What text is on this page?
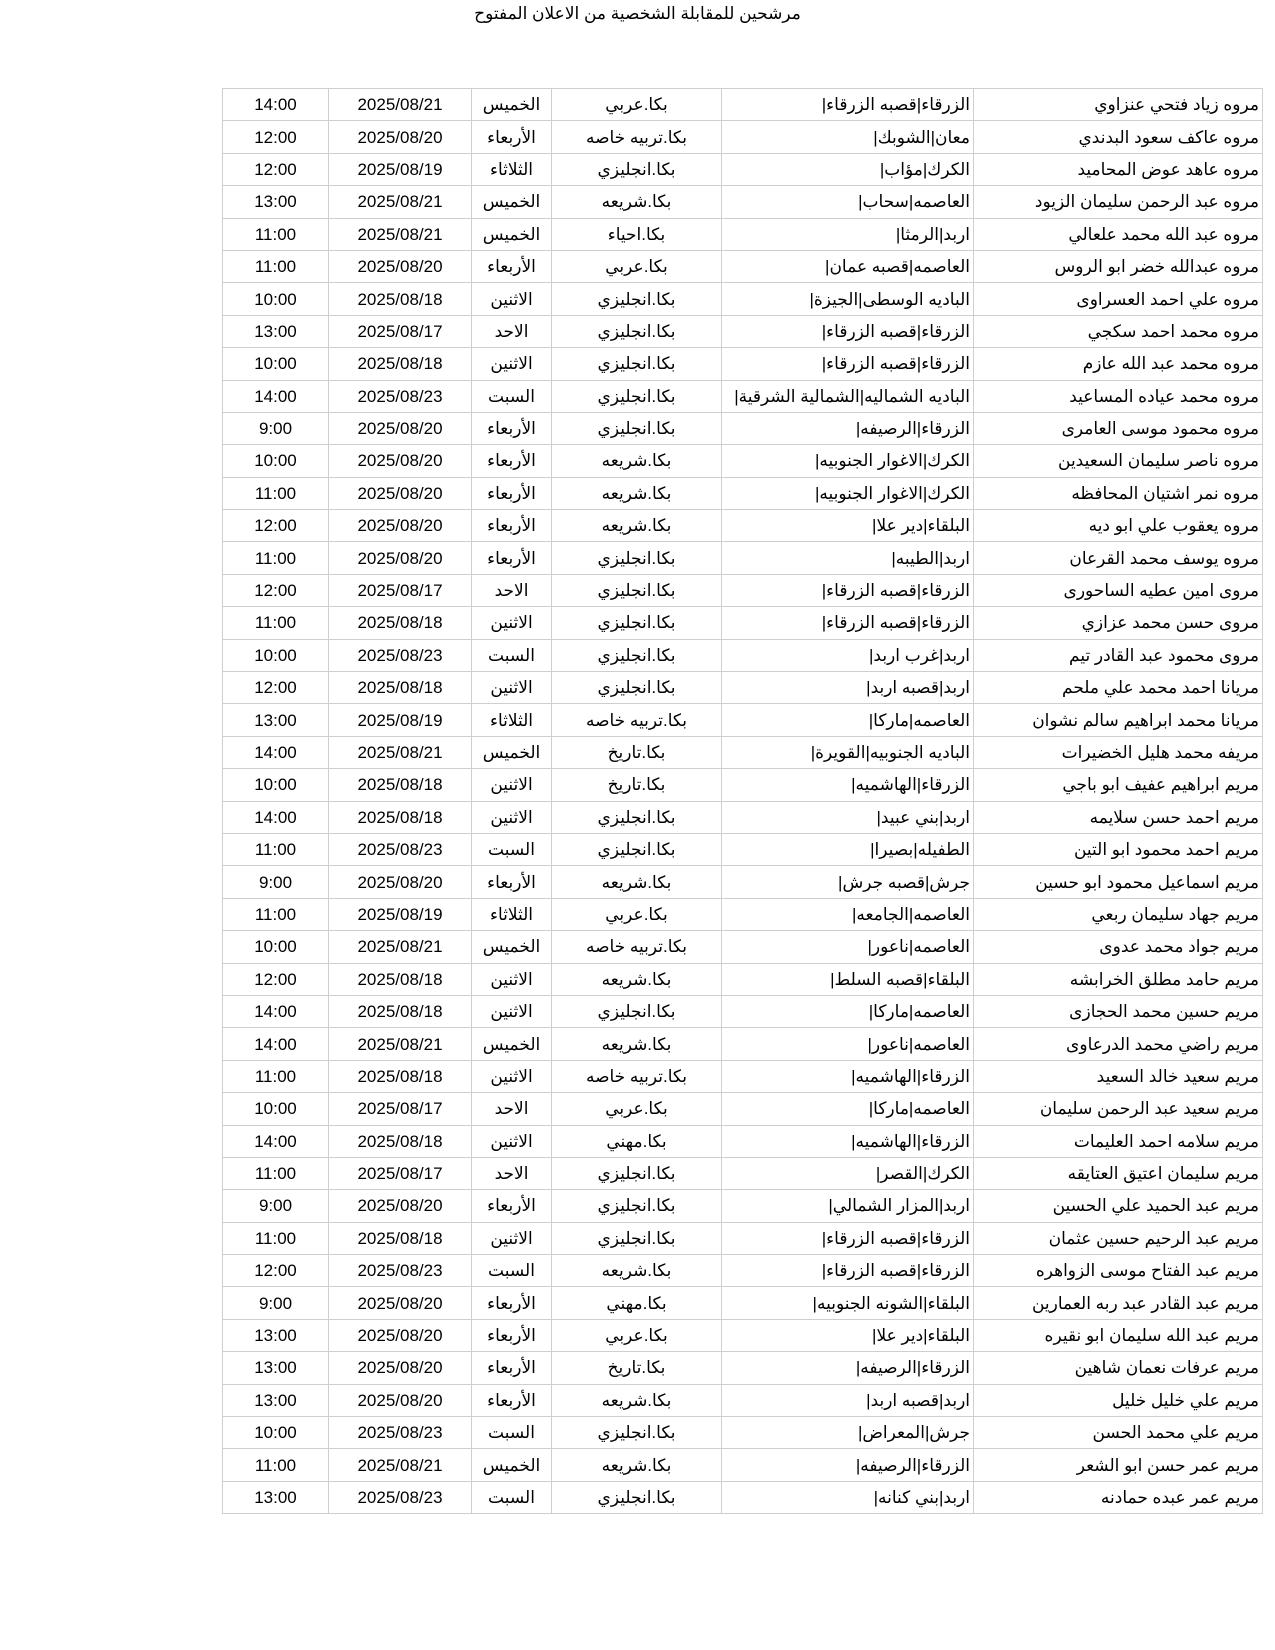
مرشحين للمقابلة الشخصية من الاعلان المفتوح
مروه زياد فتحي عنزاوي	الزرقاء|قصبه الزرقاء|	بكا.عربي	الخميس	2025/08/21	14:00
مروه عاكف سعود البدندي	معان|الشوبك|	بكا.تربيه خاصه	الأربعاء	2025/08/20	12:00
مروه عاهد عوض المحاميد	الكرك|مؤاب|	بكا.انجليزي	الثلاثاء	2025/08/19	12:00
مروه عبد الرحمن سليمان الزيود	العاصمه|سحاب|	بكا.شريعه	الخميس	2025/08/21	13:00
مروه عبد الله محمد علعالي	اربد|الرمثا|	بكا.احياء	الخميس	2025/08/21	11:00
مروه عبدالله خضر ابو الروس	العاصمه|قصبه عمان|	بكا.عربي	الأربعاء	2025/08/20	11:00
مروه علي احمد العسراوى	الباديه الوسطى|الجيزة|	بكا.انجليزي	الاثنين	2025/08/18	10:00
مروه محمد احمد سكجي	الزرقاء|قصبه الزرقاء|	بكا.انجليزي	الاحد	2025/08/17	13:00
مروه محمد عبد الله عازم	الزرقاء|قصبه الزرقاء|	بكا.انجليزي	الاثنين	2025/08/18	10:00
مروه محمد عياده المساعيد	الباديه الشماليه|الشمالية الشرقية|	بكا.انجليزي	السبت	2025/08/23	14:00
مروه محمود موسى العامرى	الزرقاء|الرصيفه|	بكا.انجليزي	الأربعاء	2025/08/20	9:00
مروه ناصر سليمان السعيدين	الكرك|الاغوار الجنوبيه|	بكا.شريعه	الأربعاء	2025/08/20	10:00
مروه نمر اشتيان المحافظه	الكرك|الاغوار الجنوبيه|	بكا.شريعه	الأربعاء	2025/08/20	11:00
مروه يعقوب علي ابو ديه	البلقاء|دير علا|	بكا.شريعه	الأربعاء	2025/08/20	12:00
مروه يوسف محمد القرعان	اربد|الطيبه|	بكا.انجليزي	الأربعاء	2025/08/20	11:00
مروى امين عطيه الساحورى	الزرقاء|قصبه الزرقاء|	بكا.انجليزي	الاحد	2025/08/17	12:00
مروى حسن محمد عزازي	الزرقاء|قصبه الزرقاء|	بكا.انجليزي	الاثنين	2025/08/18	11:00
مروى محمود عبد القادر تيم	اربد|غرب اربد|	بكا.انجليزي	السبت	2025/08/23	10:00
مريانا احمد محمد علي ملحم	اربد|قصبه اربد|	بكا.انجليزي	الاثنين	2025/08/18	12:00
مريانا محمد ابراهيم سالم نشوان	العاصمه|ماركا|	بكا.تربيه خاصه	الثلاثاء	2025/08/19	13:00
مريفه محمد هليل الخضيرات	الباديه الجنوبيه|القويرة|	بكا.تاريخ	الخميس	2025/08/21	14:00
مريم ابراهيم عفيف ابو باجي	الزرقاء|الهاشميه|	بكا.تاريخ	الاثنين	2025/08/18	10:00
مريم احمد حسن سلايمه	اربد|بني عبيد|	بكا.انجليزي	الاثنين	2025/08/18	14:00
مريم احمد محمود ابو التين	الطفيله|بصيرا|	بكا.انجليزي	السبت	2025/08/23	11:00
مريم اسماعيل محمود ابو حسين	جرش|قصبه جرش|	بكا.شريعه	الأربعاء	2025/08/20	9:00
مريم جهاد سليمان ربعي	العاصمه|الجامعه|	بكا.عربي	الثلاثاء	2025/08/19	11:00
مريم جواد محمد عدوى	العاصمه|ناعور|	بكا.تربيه خاصه	الخميس	2025/08/21	10:00
مريم حامد مطلق الخرابشه	البلقاء|قصبه السلط|	بكا.شريعه	الاثنين	2025/08/18	12:00
مريم حسين محمد الحجازى	العاصمه|ماركا|	بكا.انجليزي	الاثنين	2025/08/18	14:00
مريم راضي محمد الدرعاوى	العاصمه|ناعور|	بكا.شريعه	الخميس	2025/08/21	14:00
مريم سعيد خالد السعيد	الزرقاء|الهاشميه|	بكا.تربيه خاصه	الاثنين	2025/08/18	11:00
مريم سعيد عبد الرحمن سليمان	العاصمه|ماركا|	بكا.عربي	الاحد	2025/08/17	10:00
مريم سلامه احمد العليمات	الزرقاء|الهاشميه|	بكا.مهني	الاثنين	2025/08/18	14:00
مريم سليمان اعتيق العتايقه	الكرك|القصر|	بكا.انجليزي	الاحد	2025/08/17	11:00
مريم عبد الحميد علي الحسين	اربد|المزار الشمالي|	بكا.انجليزي	الأربعاء	2025/08/20	9:00
مريم عبد الرحيم حسين عثمان	الزرقاء|قصبه الزرقاء|	بكا.انجليزي	الاثنين	2025/08/18	11:00
مريم عبد الفتاح موسى الزواهره	الزرقاء|قصبه الزرقاء|	بكا.شريعه	السبت	2025/08/23	12:00
مريم عبد القادر عبد ربه العمارين	البلقاء|الشونه الجنوبيه|	بكا.مهني	الأربعاء	2025/08/20	9:00
مريم عبد الله سليمان ابو نقيره	البلقاء|دير علا|	بكا.عربي	الأربعاء	2025/08/20	13:00
مريم عرفات نعمان شاهين	الزرقاء|الرصيفه|	بكا.تاريخ	الأربعاء	2025/08/20	13:00
مريم علي خليل خليل	اربد|قصبه اربد|	بكا.شريعه	الأربعاء	2025/08/20	13:00
مريم علي محمد الحسن	جرش|المعراض|	بكا.انجليزي	السبت	2025/08/23	10:00
مريم عمر حسن ابو الشعر	الزرقاء|الرصيفه|	بكا.شريعه	الخميس	2025/08/21	11:00
مريم عمر عبده حمادنه	اربد|بني كنانه|	بكا.انجليزي	السبت	2025/08/23	13:00
